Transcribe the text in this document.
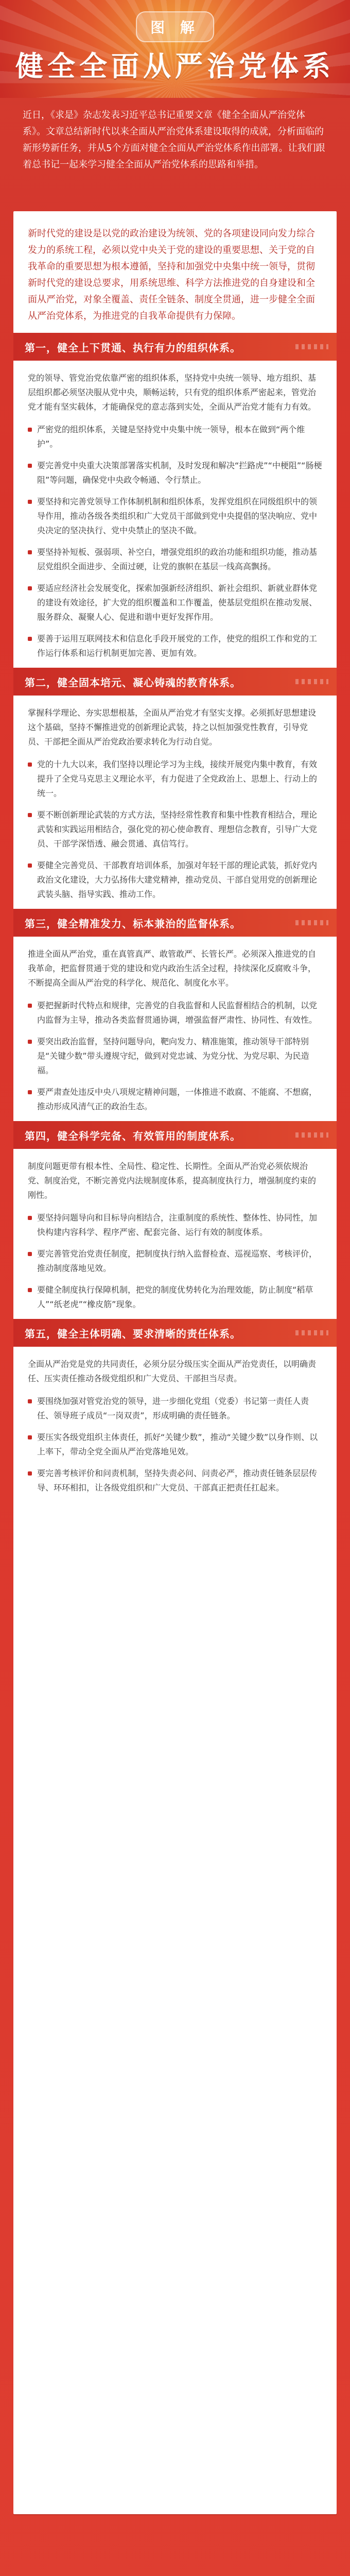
图 解
健全全面从严治党体系
近日，《求是》杂志发表习近平总书记重要文章《健全全面从严治党体系》。文章总结新时代以来全面从严治党体系建设取得的成就，分析面临的新形势新任务，并从5个方面对健全全面从严治党体系作出部署。让我们跟着总书记一起来学习健全全面从严治党体系的思路和举措。
新时代党的建设是以党的政治建设为统领、党的各项建设同向发力综合发力的系统工程，必须以党中央关于党的建设的重要思想、关于党的自我革命的重要思想为根本遵循，坚持和加强党中央集中统一领导，贯彻新时代党的建设总要求，用系统思维、科学方法推进党的自身建设和全面从严治党，对象全覆盖、责任全链条、制度全贯通，进一步健全全面从严治党体系，为推进党的自我革命提供有力保障。
第一，健全上下贯通、执行有力的组织体系。
党的领导、管党治党依靠严密的组织体系，坚持党中央统一领导、地方组织、基层组织都必须坚决服从党中央，顺畅运转，只有党的组织体系严密起来，管党治党才能有坚实载体，才能确保党的意志落到实处，全面从严治党才能有力有效。
严密党的组织体系，关键是坚持党中央集中统一领导，根本在做到“两个维护”。
要完善党中央重大决策部署落实机制，及时发现和解决“拦路虎”“中梗阻”“肠梗阻”等问题，确保党中央政令畅通、令行禁止。
要坚持和完善党领导工作体制机制和组织体系，发挥党组织在同级组织中的领导作用，推动各级各类组织和广大党员干部做到党中央提倡的坚决响应、党中央决定的坚决执行、党中央禁止的坚决不做。
要坚持补短板、强弱项、补空白，增强党组织的政治功能和组织功能，推动基层党组织全面进步、全面过硬，让党的旗帜在基层一线高高飘扬。
要适应经济社会发展变化，探索加强新经济组织、新社会组织、新就业群体党的建设有效途径，扩大党的组织覆盖和工作覆盖，使基层党组织在推动发展、服务群众、凝聚人心、促进和谐中更好发挥作用。
要善于运用互联网技术和信息化手段开展党的工作，使党的组织工作和党的工作运行体系和运行机制更加完善、更加有效。
第二，健全固本培元、凝心铸魂的教育体系。
掌握科学理论、夯实思想根基，全面从严治党才有坚实支撑。必须抓好思想建设这个基础，坚持不懈推进党的创新理论武装，持之以恒加强党性教育，引导党员、干部把全面从严治党政治要求转化为行动自觉。
党的十九大以来，我们坚持以理论学习为主线，接续开展党内集中教育，有效提升了全党马克思主义理论水平，有力促进了全党政治上、思想上、行动上的统一。
要不断创新理论武装的方式方法，坚持经常性教育和集中性教育相结合，理论武装和实践运用相结合，强化党的初心使命教育、理想信念教育，引导广大党员、干部学深悟透、融会贯通、真信笃行。
要健全完善党员、干部教育培训体系，加强对年轻干部的理论武装，抓好党内政治文化建设，大力弘扬伟大建党精神，推动党员、干部自觉用党的创新理论武装头脑、指导实践、推动工作。
第三，健全精准发力、标本兼治的监督体系。
推进全面从严治党，重在真管真严、敢管敢严、长管长严。必须深入推进党的自我革命，把监督贯通于党的建设和党内政治生活全过程，持续深化反腐败斗争，不断提高全面从严治党的科学化、规范化、制度化水平。
要把握新时代特点和规律，完善党的自我监督和人民监督相结合的机制，以党内监督为主导，推动各类监督贯通协调，增强监督严肃性、协同性、有效性。
要突出政治监督，坚持问题导向，靶向发力、精准施策，推动领导干部特别是“关键少数”带头遵规守纪，做到对党忠诚、为党分忧、为党尽职、为民造福。
要严肃查处违反中央八项规定精神问题，一体推进不敢腐、不能腐、不想腐，推动形成风清气正的政治生态。
第四，健全科学完备、有效管用的制度体系。
制度问题更带有根本性、全局性、稳定性、长期性。全面从严治党必须依规治党、制度治党，不断完善党内法规制度体系，提高制度执行力，增强制度约束的刚性。
要坚持问题导向和目标导向相结合，注重制度的系统性、整体性、协同性，加快构建内容科学、程序严密、配套完备、运行有效的制度体系。
要完善管党治党责任制度，把制度执行纳入监督检查、巡视巡察、考核评价，推动制度落地见效。
要健全制度执行保障机制，把党的制度优势转化为治理效能，防止制度“稻草人”“纸老虎”“橡皮筋”现象。
第五，健全主体明确、要求清晰的责任体系。
全面从严治党是党的共同责任，必须分层分级压实全面从严治党责任，以明确责任、压实责任推动各级党组织和广大党员、干部担当尽责。
要围绕加强对管党治党的领导，进一步细化党组（党委）书记第一责任人责任、领导班子成员“一岗双责”，形成明确的责任链条。
要压实各级党组织主体责任，抓好“关键少数”，推动“关键少数”以身作则、以上率下，带动全党全面从严治党落地见效。
要完善考核评价和问责机制，坚持失责必问、问责必严，推动责任链条层层传导、环环相扣，让各级党组织和广大党员、干部真正把责任扛起来。
